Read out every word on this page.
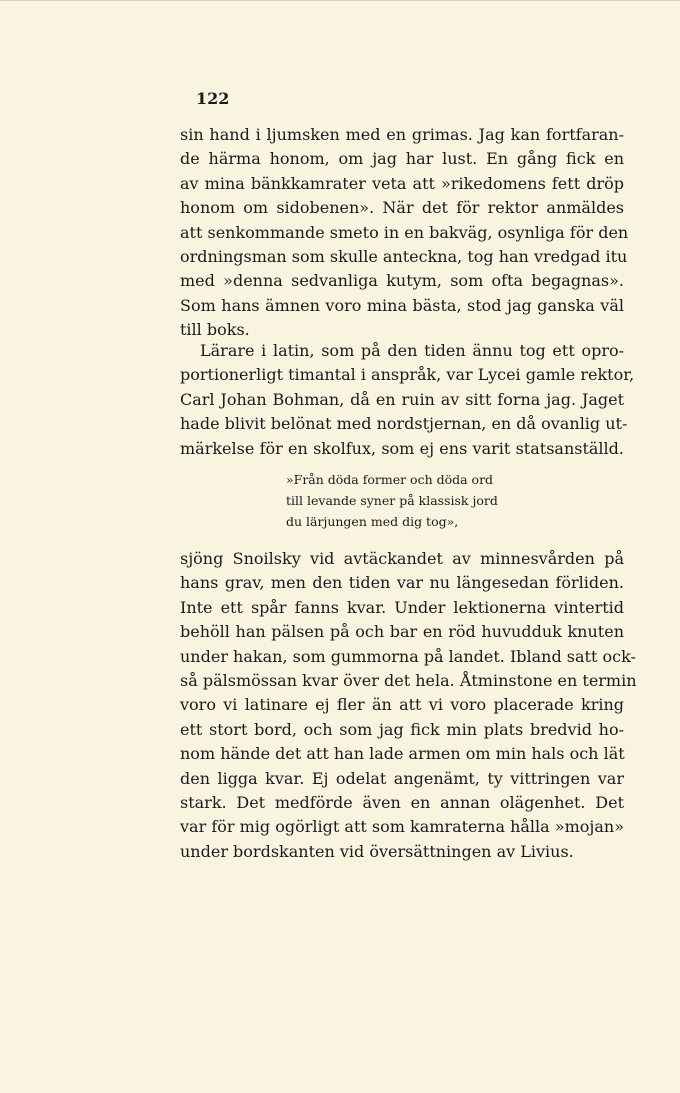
122
sin hand i ljumsken med en grimas. Jag kan fortfaran-
de härma honom, om jag har lust. En gång fick en
av mina bänkkamrater veta att »rikedomens fett dröp
honom om sidobenen». När det för rektor anmäldes
att senkommande smeto in en bakväg, osynliga för den
ordningsman som skulle anteckna, tog han vredgad itu
med »denna sedvanliga kutym, som ofta begagnas».
Som hans ämnen voro mina bästa, stod jag ganska väl
till boks.
Lärare i latin, som på den tiden ännu tog ett opro-
portionerligt timantal i anspråk, var Lycei gamle rektor,
Carl Johan Bohman, då en ruin av sitt forna jag. Jaget
hade blivit belönat med nordstjernan, en då ovanlig ut-
märkelse för en skolfux, som ej ens varit statsanställd.
»Från döda former och döda ord
till levande syner på klassisk jord
du lärjungen med dig tog»,
sjöng Snoilsky vid avtäckandet av minnesvården på
hans grav, men den tiden var nu längesedan förliden.
Inte ett spår fanns kvar. Under lektionerna vintertid
behöll han pälsen på och bar en röd huvudduk knuten
under hakan, som gummorna på landet. Ibland satt ock-
så pälsmössan kvar över det hela. Åtminstone en termin
voro vi latinare ej fler än att vi voro placerade kring
ett stort bord, och som jag fick min plats bredvid ho-
nom hände det att han lade armen om min hals och lät
den ligga kvar. Ej odelat angenämt, ty vittringen var
stark. Det medförde även en annan olägenhet. Det
var för mig ogörligt att som kamraterna hålla »mojan»
under bordskanten vid översättningen av Livius.
